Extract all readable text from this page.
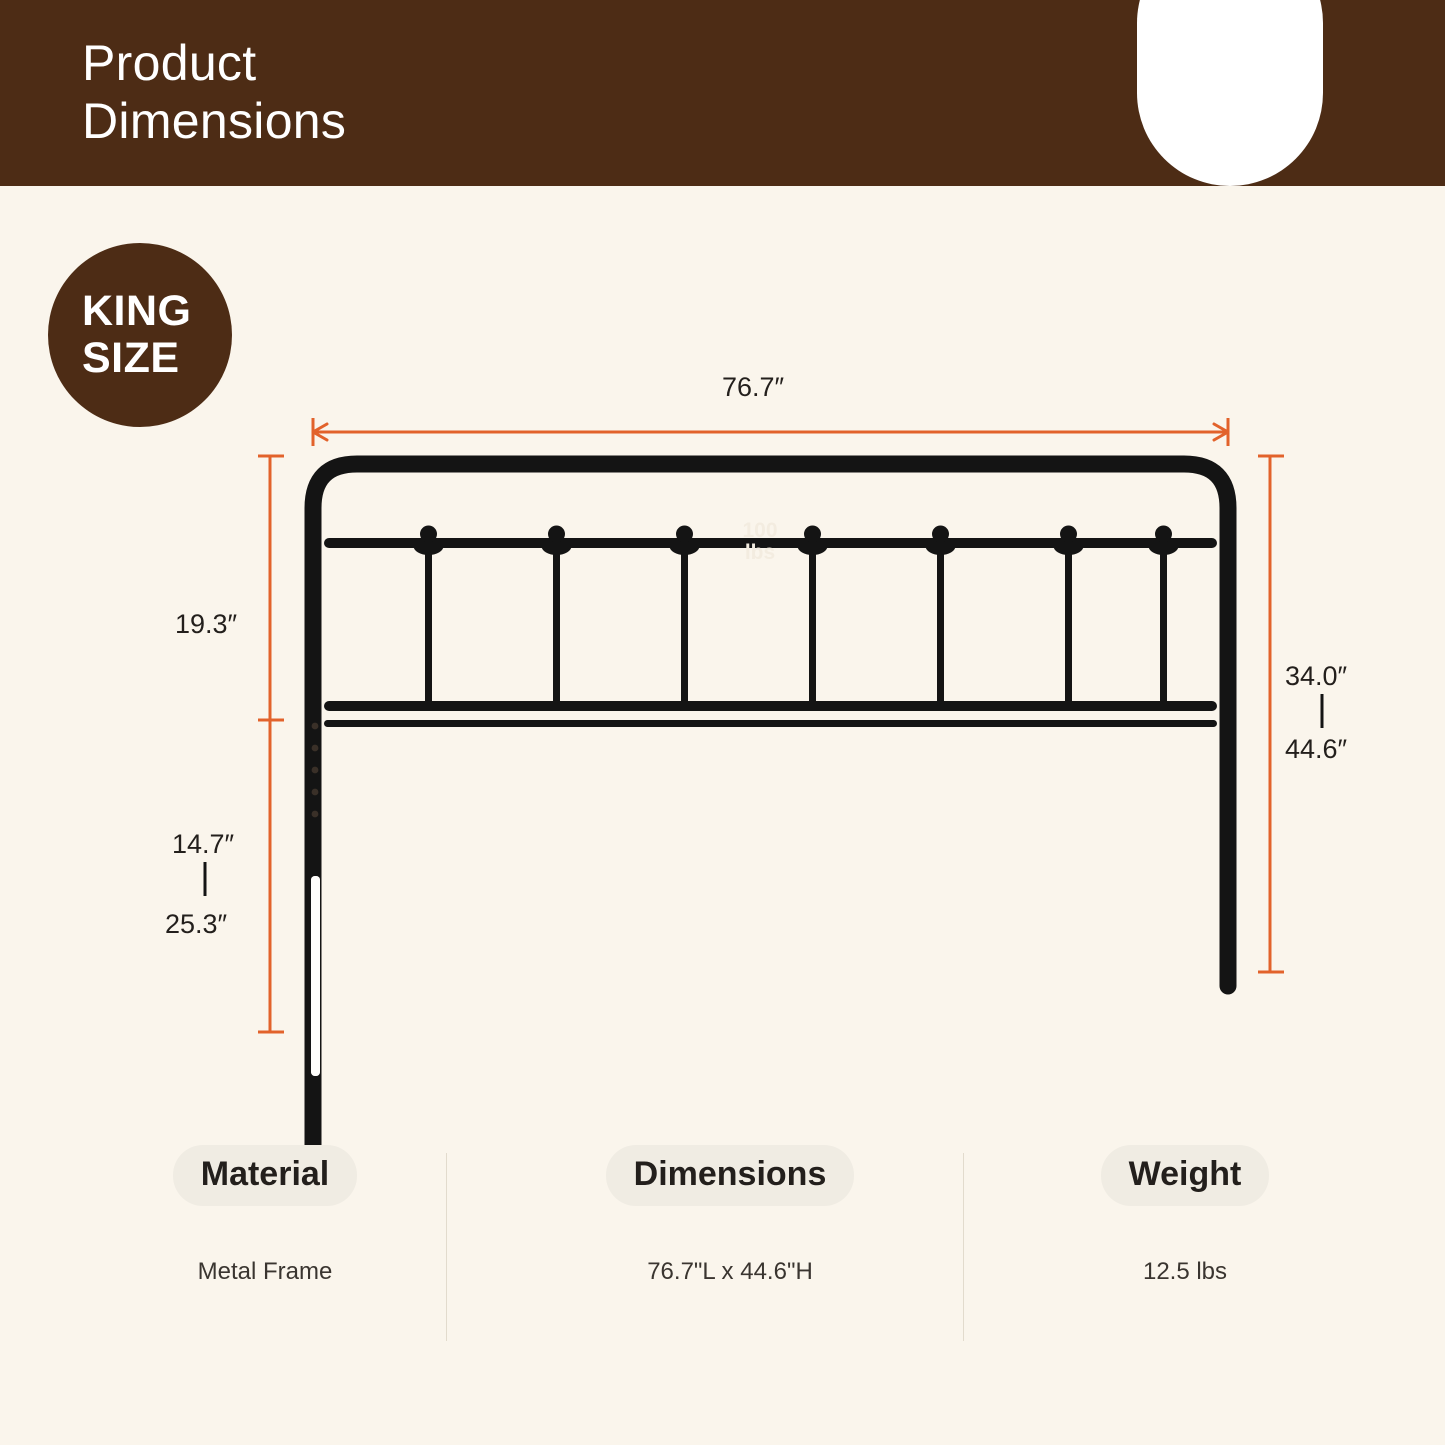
Product
Dimensions
KING
SIZE
76.7″
19.3″
14.7″
25.3″
34.0″
44.6″
100 lbs
Material
Metal Frame
Dimensions
76.7"L x 44.6"H
Weight
12.5 lbs
